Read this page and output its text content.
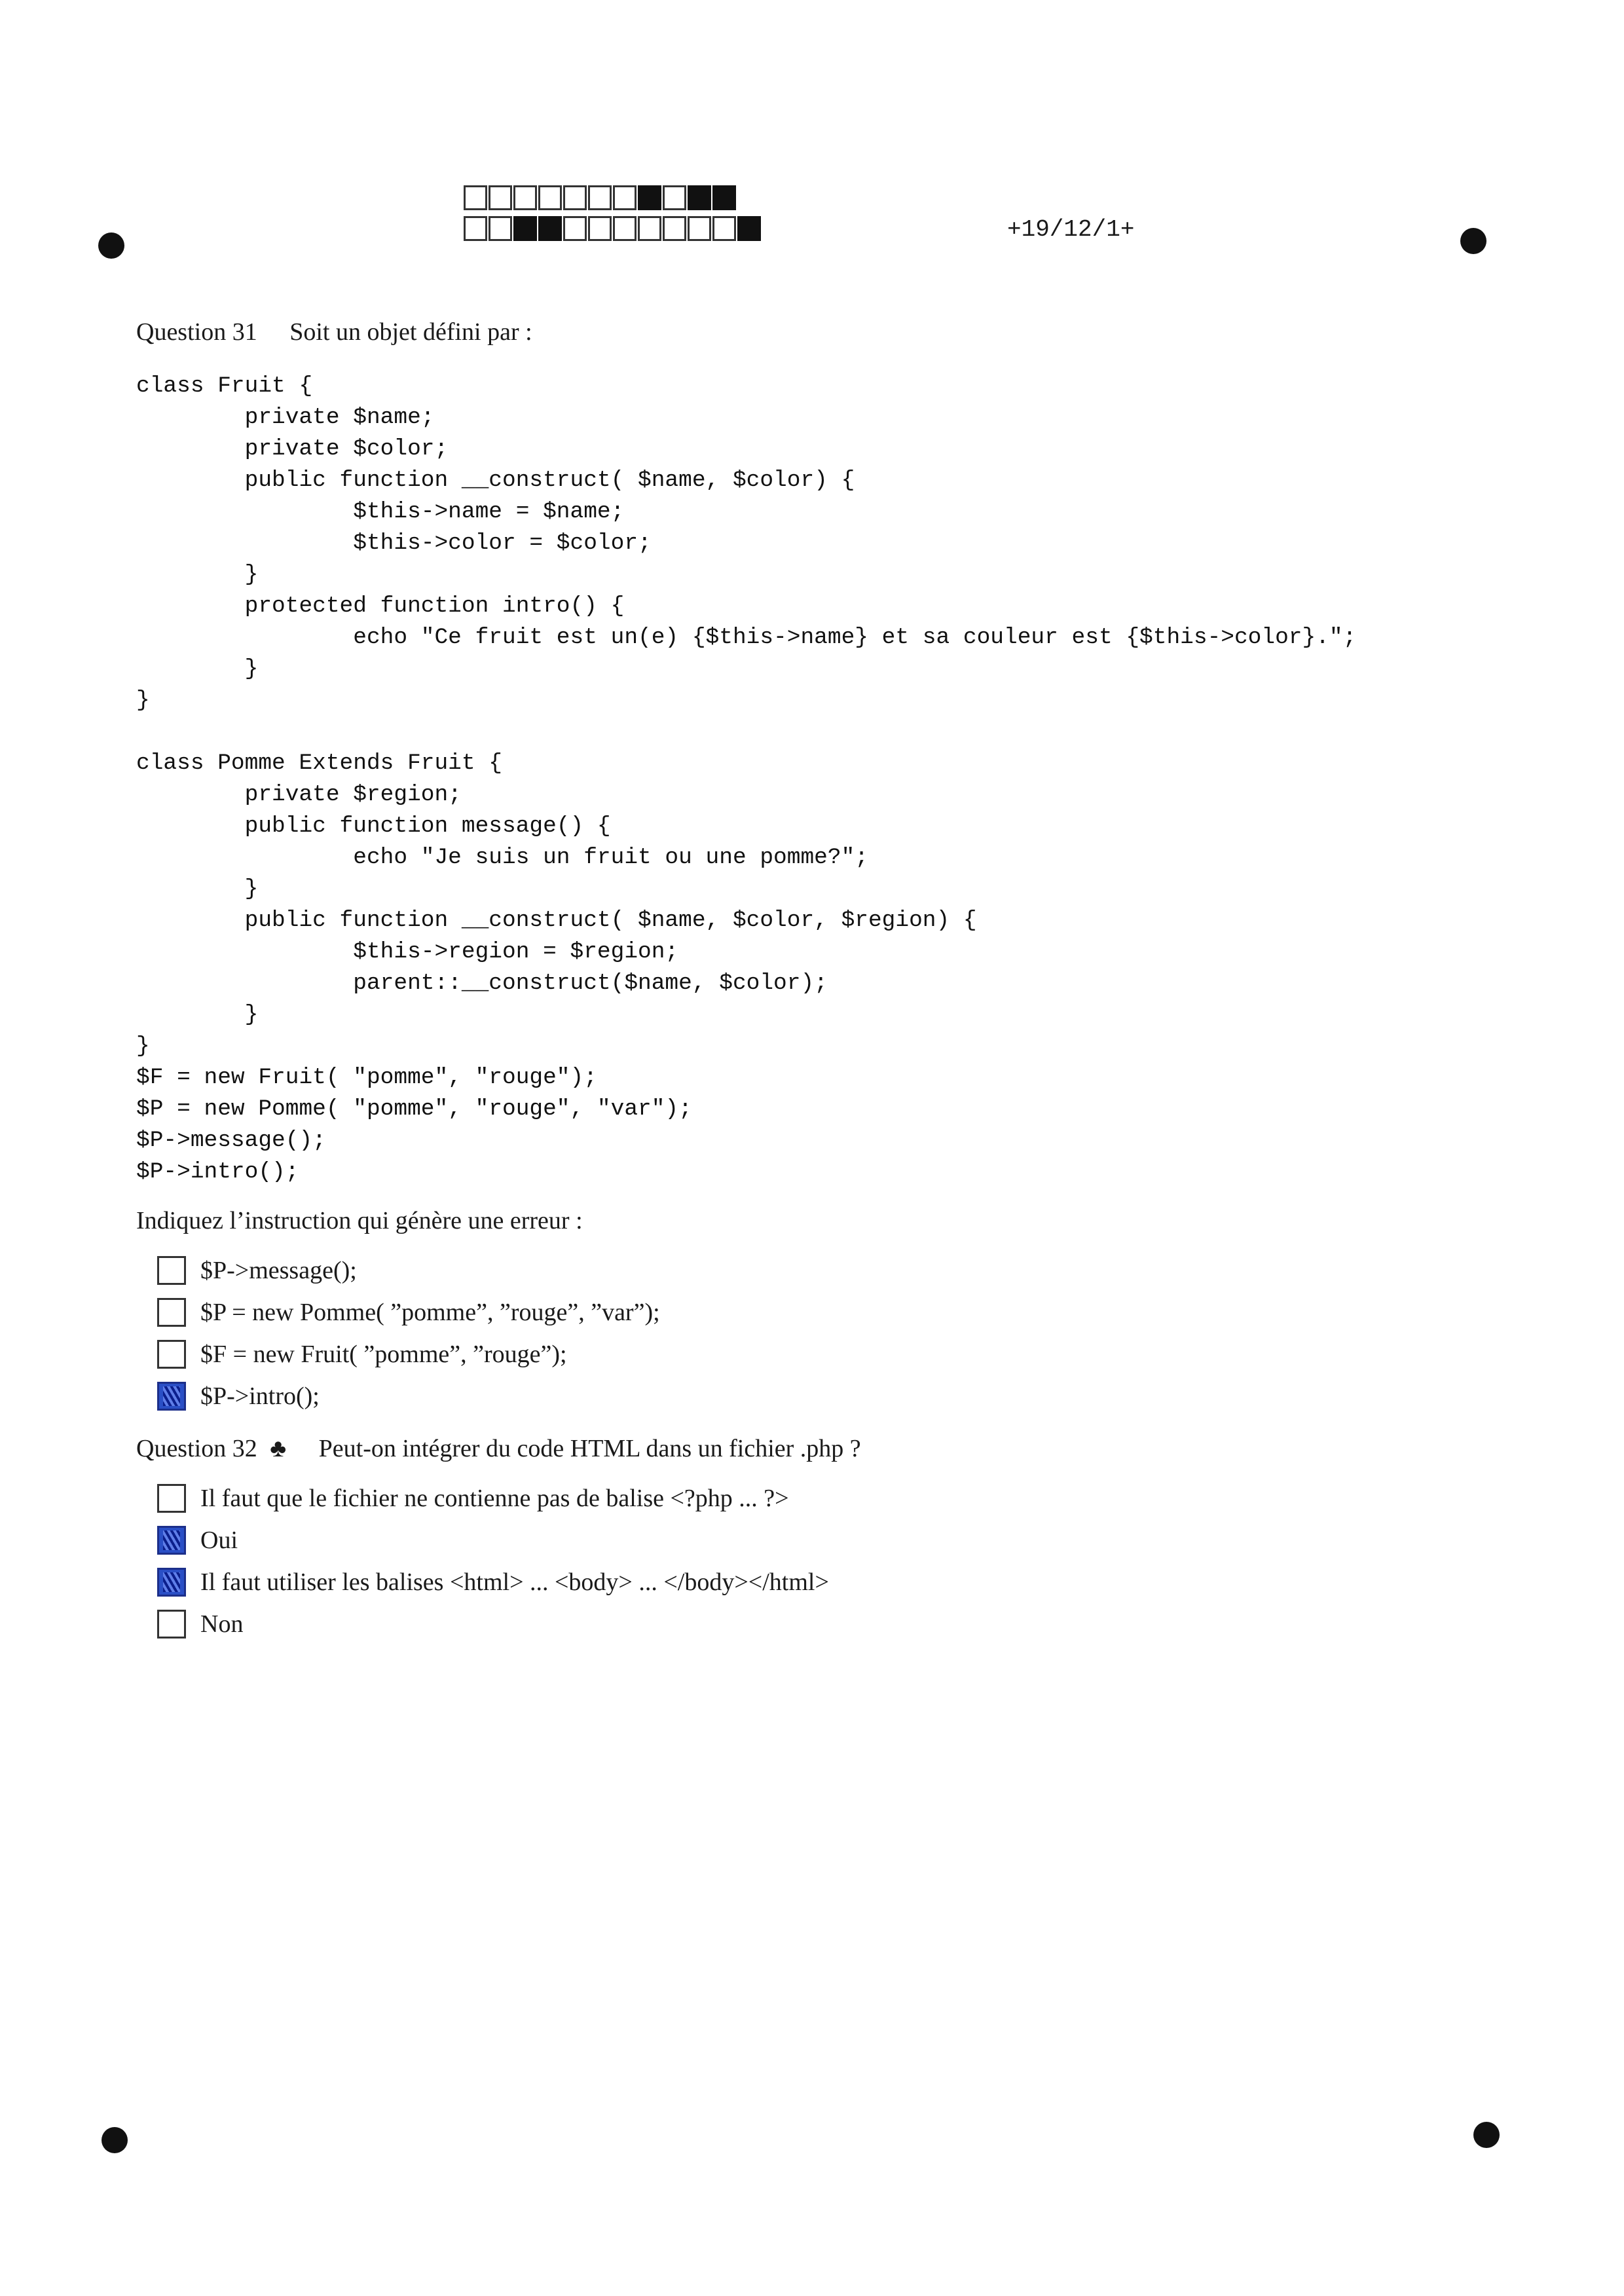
+19/12/1+
Question 31 Soit un objet défini par :
class Fruit {
private $name;
private $color;
public function __construct( $name, $color) {
$this->name = $name;
$this->color = $color;
}
protected function intro() {
echo "Ce fruit est un(e) {$this->name} et sa couleur est {$this->color}.";
}
}

class Pomme Extends Fruit {
private $region;
public function message() {
echo "Je suis un fruit ou une pomme?";
}
public function __construct( $name, $color, $region) {
$this->region = $region;
parent::__construct($name, $color);
}
}
$F = new Fruit( "pomme", "rouge");
$P = new Pomme( "pomme", "rouge", "var");
$P->message();
$P->intro();
Indiquez l’instruction qui génère une erreur :
$P->message();
$P = new Pomme( ”pomme”, ”rouge”, ”var”);
$F = new Fruit( ”pomme”, ”rouge”);
$P->intro();
Question 32 ♣ Peut-on intégrer du code HTML dans un fichier .php ?
Il faut que le fichier ne contienne pas de balise <?php ... ?>
Oui
Il faut utiliser les balises <html> ... <body> ... </body></html>
Non
